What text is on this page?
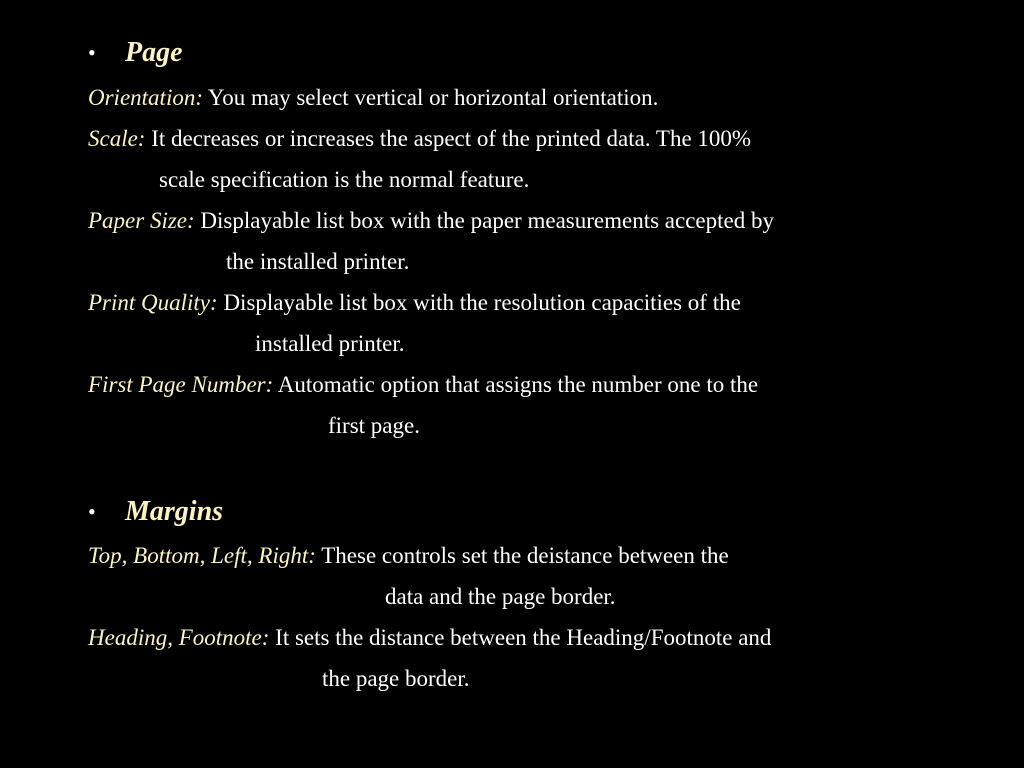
•	Page
Orientation: You may select vertical or horizontal orientation.
Scale: It decreases or increases the aspect of the printed data. The 100%
scale specification is the normal feature.
Paper Size: Displayable list box with the paper measurements accepted by
the installed printer.
Print Quality: Displayable list box with the resolution capacities of the
installed printer.
First Page Number: Automatic option that assigns the number one to the
first page.
•	Margins
Top, Bottom, Left, Right: These controls set the deistance between the
data and the page border.
Heading, Footnote: It sets the distance between the Heading/Footnote and
the page border.
